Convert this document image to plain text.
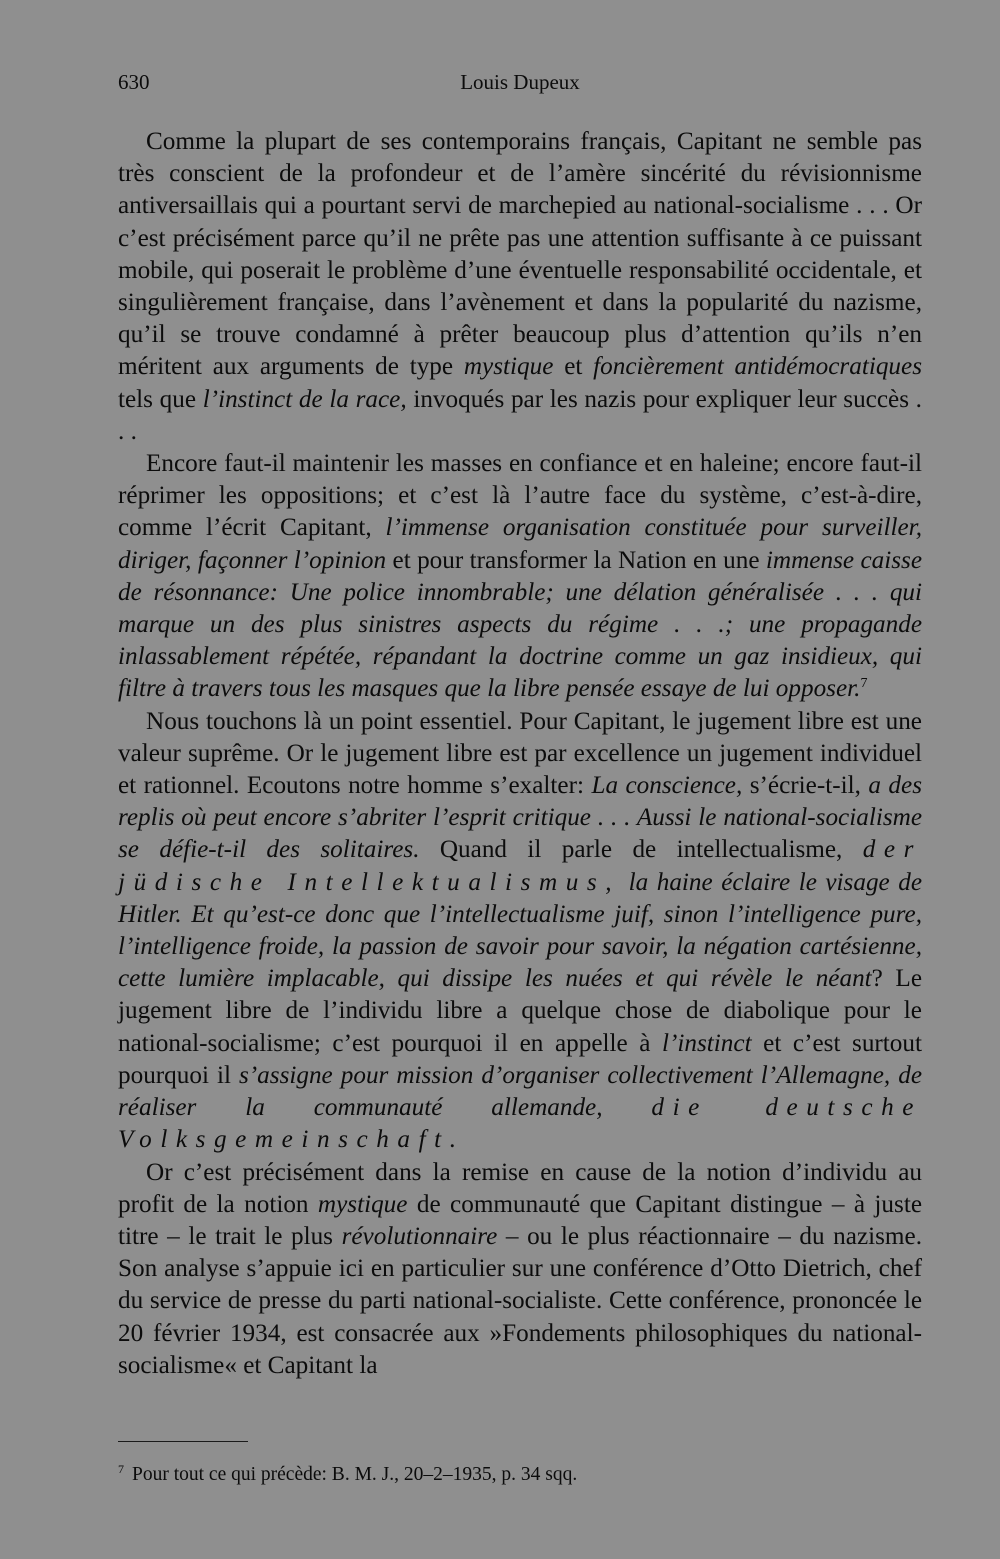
630	Louis Dupeux

Comme la plupart de ses contemporains français, Capitant ne semble pas très conscient de la profondeur et de l’amère sincérité du révisionnisme antiversaillais qui a pourtant servi de marchepied au national-socialisme . . . Or c’est précisément parce qu’il ne prête pas une attention suffisante à ce puissant mobile, qui poserait le problème d’une éventuelle responsabilité occidentale, et singulièrement française, dans l’avènement et dans la popularité du nazisme, qu’il se trouve condamné à prêter beaucoup plus d’attention qu’ils n’en méritent aux arguments de type mystique et foncièrement antidémocratiques tels que l’instinct de la race, invoqués par les nazis pour expliquer leur succès . . .

Encore faut-il maintenir les masses en confiance et en haleine; encore faut-il réprimer les oppositions; et c’est là l’autre face du système, c’est-à-dire, comme l’écrit Capitant, l’immense organisation constituée pour surveiller, diriger, façonner l’opinion et pour transformer la Nation en une immense caisse de résonnance: Une police innombrable; une délation généralisée . . . qui marque un des plus sinistres aspects du régime . . .; une propagande inlassablement répétée, répandant la doctrine comme un gaz insidieux, qui filtre à travers tous les masques que la libre pensée essaye de lui opposer.$^7$

Nous touchons là un point essentiel. Pour Capitant, le jugement libre est une valeur suprême. Or le jugement libre est par excellence un jugement individuel et rationnel. Ecoutons notre homme s’exalter: La conscience, s’écrie-t-il, a des replis où peut encore s’abriter l’esprit critique . . . Aussi le national-socialisme se défie-t-il des solitaires. Quand il parle de intellectualisme, der jüdische Intellektualismus, la haine éclaire le visage de Hitler. Et qu’est-ce donc que l’intellectualisme juif, sinon l’intelligence pure, l’intelligence froide, la passion de savoir pour savoir, la négation cartésienne, cette lumière implacable, qui dissipe les nuées et qui révèle le néant? Le jugement libre de l’individu libre a quelque chose de diabolique pour le national-socialisme; c’est pourquoi il en appelle à l’instinct et c’est surtout pourquoi il s’assigne pour mission d’organiser collectivement l’Allemagne, de réaliser la communauté allemande, die deutsche Volksgemeinschaft.

Or c’est précisément dans la remise en cause de la notion d’individu au profit de la notion mystique de communauté que Capitant distingue – à juste titre – le trait le plus révolutionnaire – ou le plus réactionnaire – du nazisme. Son analyse s’appuie ici en particulier sur une conférence d’Otto Dietrich, chef du service de presse du parti national-socialiste. Cette conférence, prononcée le 20 février 1934, est consacrée aux »Fondements philosophiques du national-socialisme« et Capitant la

$^7$ Pour tout ce qui précède: B. M. J., 20–2–1935, p. 34 sqq.
